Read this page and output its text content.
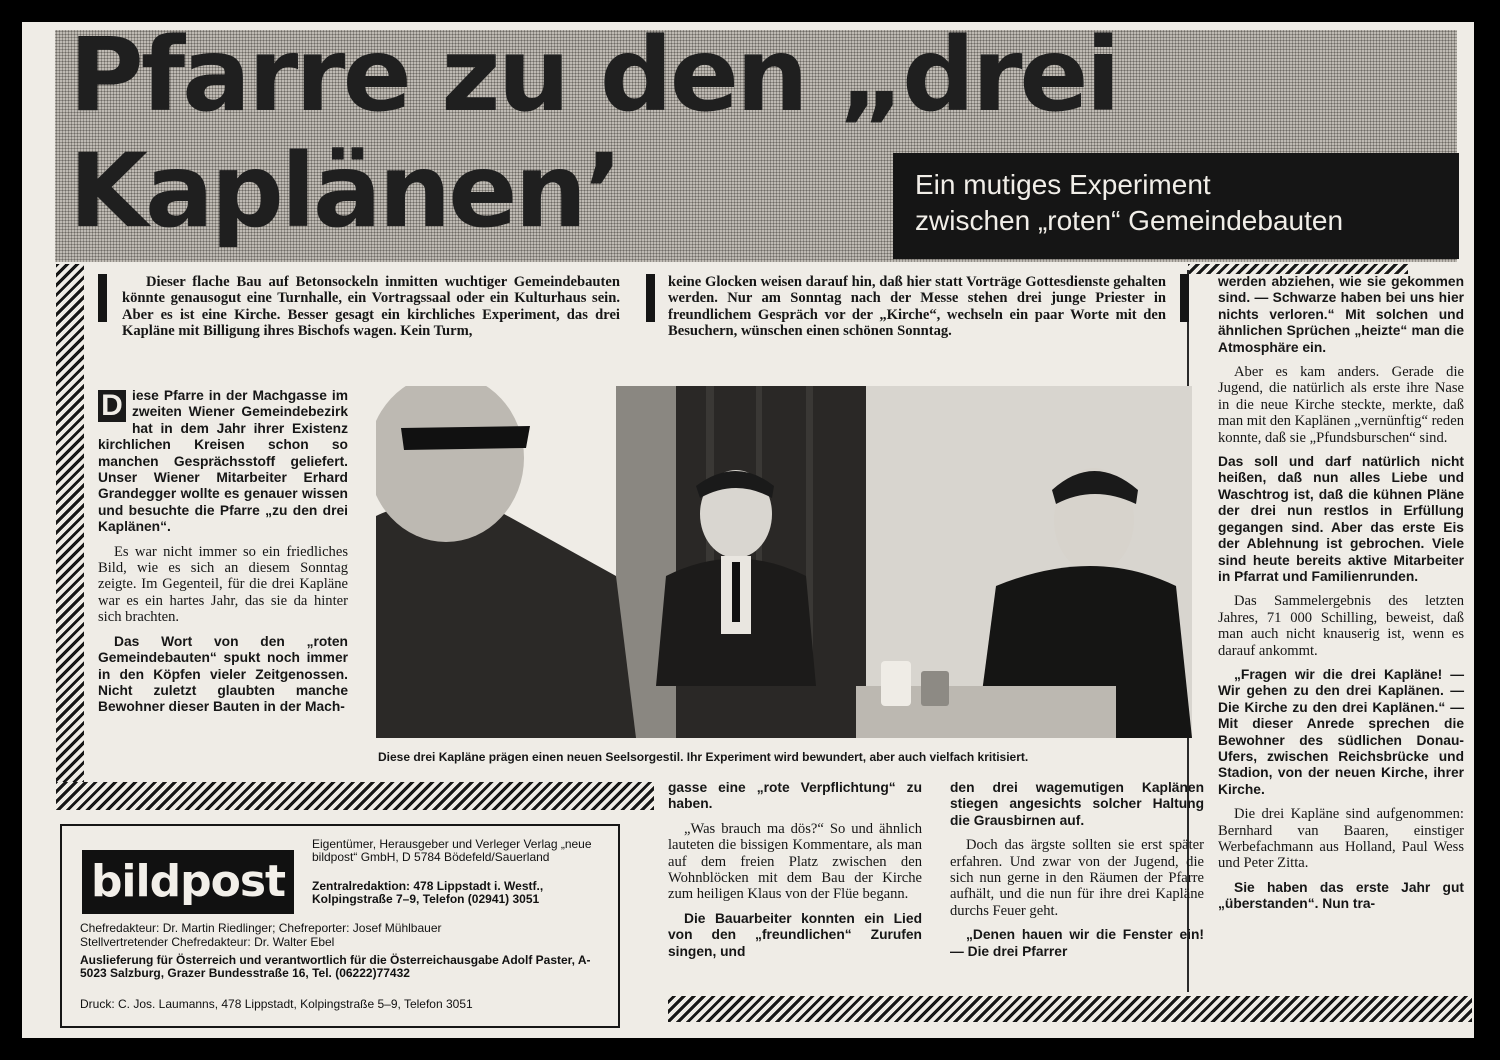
Pfarre zu den „drei
Kaplänen’	Ein mutiges Experiment
zwischen „roten“ Gemeindebauten
Dieser flache Bau auf Betonsockeln inmitten wuchtiger Gemeindebauten könnte genausogut eine Turnhalle, ein Vortragssaal oder ein Kulturhaus sein. Aber es ist eine Kirche. Besser gesagt ein kirchliches Experiment, das drei Kapläne mit Billigung ihres Bischofs wagen. Kein Turm,
keine Glocken weisen darauf hin, daß hier statt Vorträge Gottesdienste gehalten werden. Nur am Sonntag nach der Messe stehen drei junge Priester in freundlichem Gespräch vor der „Kirche“, wechseln ein paar Worte mit den Besuchern, wünschen einen schönen Sonntag.

D iese Pfarre in der Machgasse im zweiten Wiener Gemeindebezirk hat in dem Jahr ihrer Existenz kirchlichen Kreisen schon so manchen Gesprächsstoff geliefert. Unser Wiener Mitarbeiter Erhard Grandegger wollte es genauer wissen und besuchte die Pfarre „zu den drei Kaplänen“.

Es war nicht immer so ein friedliches Bild, wie es sich an diesem Sonntag zeigte. Im Gegenteil, für die drei Kapläne war es ein hartes Jahr, das sie da hinter sich brachten.

Das Wort von den „roten Gemeindebauten“ spukt noch immer in den Köpfen vieler Zeitgenossen. Nicht zuletzt glaubten manche Bewohner dieser Bauten in der Mach-

Diese drei Kapläne prägen einen neuen Seelsorgestil. Ihr Experiment wird bewundert, aber auch vielfach kritisiert.

gasse eine „rote Verpflichtung“ zu haben.

„Was brauch ma dös?“ So und ähnlich lauteten die bissigen Kommentare, als man auf dem freien Platz zwischen den Wohnblöcken mit dem Bau der Kirche zum heiligen Klaus von der Flüe begann.

Die Bauarbeiter konnten ein Lied von den „freundlichen“ Zurufen singen, und

den drei wagemutigen Kaplänen stiegen angesichts solcher Haltung die Grausbirnen auf.

Doch das ärgste sollten sie erst später erfahren. Und zwar von der Jugend, die sich nun gerne in den Räumen der Pfarre aufhält, und die nun für ihre drei Kapläne durchs Feuer geht.

„Denen hauen wir die Fenster ein! — Die drei Pfarrer

werden abziehen, wie sie gekommen sind. — Schwarze haben bei uns hier nichts verloren.“ Mit solchen und ähnlichen Sprüchen „heizte“ man die Atmosphäre ein.

Aber es kam anders. Gerade die Jugend, die natürlich als erste ihre Nase in die neue Kirche steckte, merkte, daß man mit den Kaplänen „vernünftig“ reden konnte, daß sie „Pfundsburschen“ sind.

Das soll und darf natürlich nicht heißen, daß nun alles Liebe und Waschtrog ist, daß die kühnen Pläne der drei nun restlos in Erfüllung gegangen sind. Aber das erste Eis der Ablehnung ist gebrochen. Viele sind heute bereits aktive Mitarbeiter in Pfarrat und Familienrunden.

Das Sammelergebnis des letzten Jahres, 71 000 Schilling, beweist, daß man auch nicht knauserig ist, wenn es darauf ankommt.

„Fragen wir die drei Kapläne! — Wir gehen zu den drei Kaplänen. — Die Kirche zu den drei Kaplänen.“ — Mit dieser Anrede sprechen die Bewohner des südlichen Donau-Ufers, zwischen Reichsbrücke und Stadion, von der neuen Kirche, ihrer Kirche.

Die drei Kapläne sind aufgenommen: Bernhard van Baaren, einstiger Werbefachmann aus Holland, Paul Wess und Peter Zitta.

Sie haben das erste Jahr gut „überstanden“. Nun tra-

bildpost
Eigentümer, Herausgeber und Verleger Verlag „neue bildpost“ GmbH, D 5784 Bödefeld/Sauerland
Zentralredaktion: 478 Lippstadt i. Westf., Kolpingstraße 7–9, Telefon (02941) 3051
Chefredakteur: Dr. Martin Riedlinger; Chefreporter: Josef Mühlbauer
Stellvertretender Chefredakteur: Dr. Walter Ebel
Auslieferung für Österreich und verantwortlich für die Österreichausgabe Adolf Paster, A-5023 Salzburg, Grazer Bundesstraße 16, Tel. (06222)77432
Druck: C. Jos. Laumanns, 478 Lippstadt, Kolpingstraße 5–9, Telefon 3051
